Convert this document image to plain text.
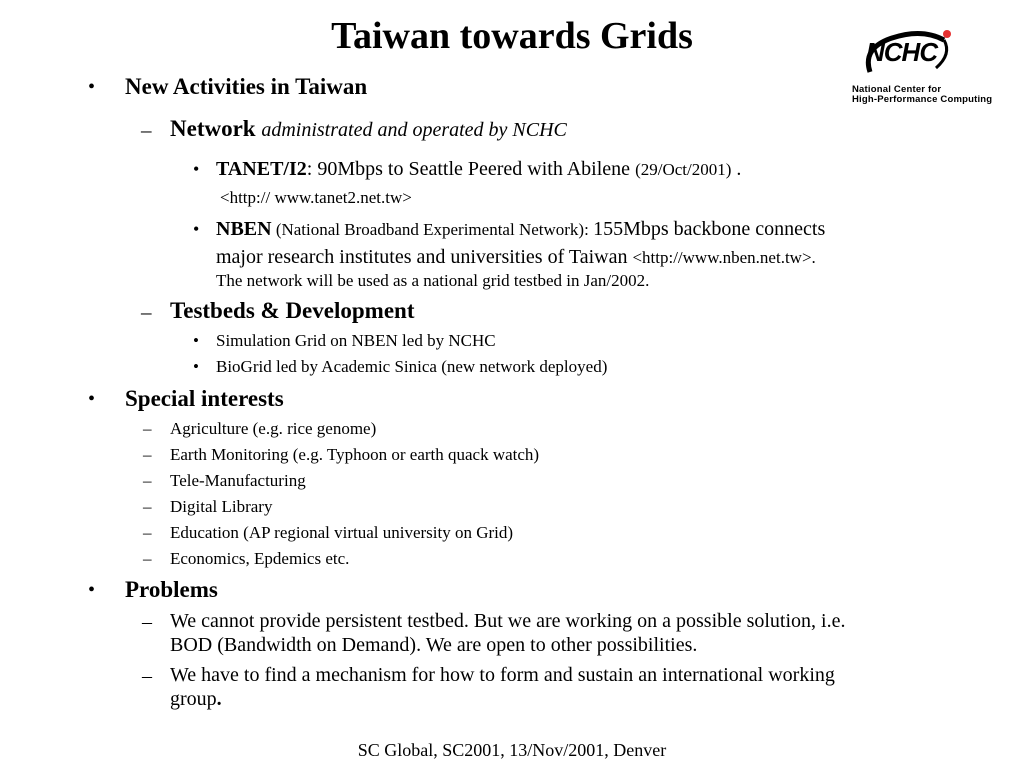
Taiwan towards Grids	NCHC
National Center for
High-Performance Computing
• New Activities in Taiwan
– Network administrated and operated by NCHC
• TANET/I2: 90Mbps to Seattle Peered with Abilene (29/Oct/2001) .
<http:// www.tanet2.net.tw>
• NBEN (National Broadband Experimental Network): 155Mbps backbone connects
major research institutes and universities of Taiwan <http://www.nben.net.tw>.
The network will be used as a national grid testbed in Jan/2002.
– Testbeds & Development
• Simulation Grid on NBEN led by NCHC
• BioGrid led by Academic Sinica (new network deployed)
• Special interests
– Agriculture (e.g. rice genome)
– Earth Monitoring (e.g. Typhoon or earth quack watch)
– Tele-Manufacturing
– Digital Library
– Education (AP regional virtual university on Grid)
– Economics, Epdemics etc.
• Problems
– We cannot provide persistent testbed. But we are working on a possible solution, i.e.
BOD (Bandwidth on Demand). We are open to other possibilities.
– We have to find a mechanism for how to form and sustain an international working
group.
SC Global, SC2001, 13/Nov/2001, Denver
